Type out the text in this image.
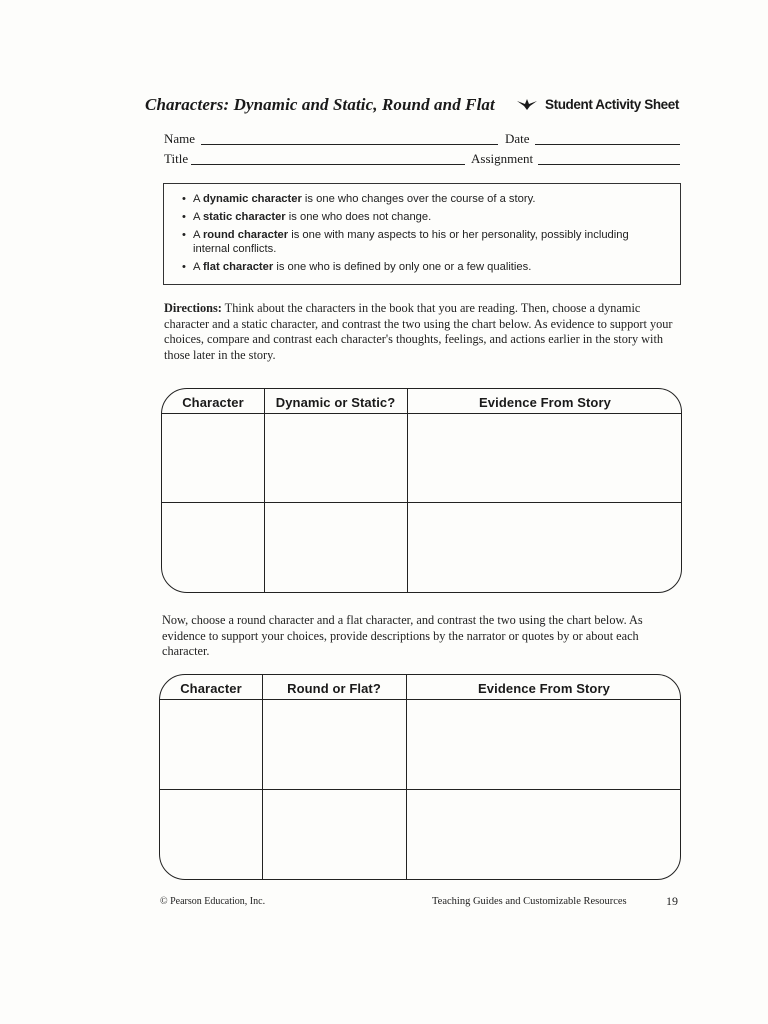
Characters: Dynamic and Static, Round and Flat	Student Activity Sheet
Name	Date
Title	Assignment
• A dynamic character is one who changes over the course of a story.
• A static character is one who does not change.
• A round character is one with many aspects to his or her personality, possibly including internal conflicts.
• A flat character is one who is defined by only one or a few qualities.
Directions: Think about the characters in the book that you are reading. Then, choose a dynamic character and a static character, and contrast the two using the chart below. As evidence to support your choices, compare and contrast each character's thoughts, feelings, and actions earlier in the story with those later in the story.
Character	Dynamic or Static?	Evidence From Story
Now, choose a round character and a flat character, and contrast the two using the chart below. As evidence to support your choices, provide descriptions by the narrator or quotes by or about each character.
Character	Round or Flat?	Evidence From Story
© Pearson Education, Inc.	Teaching Guides and Customizable Resources	19
